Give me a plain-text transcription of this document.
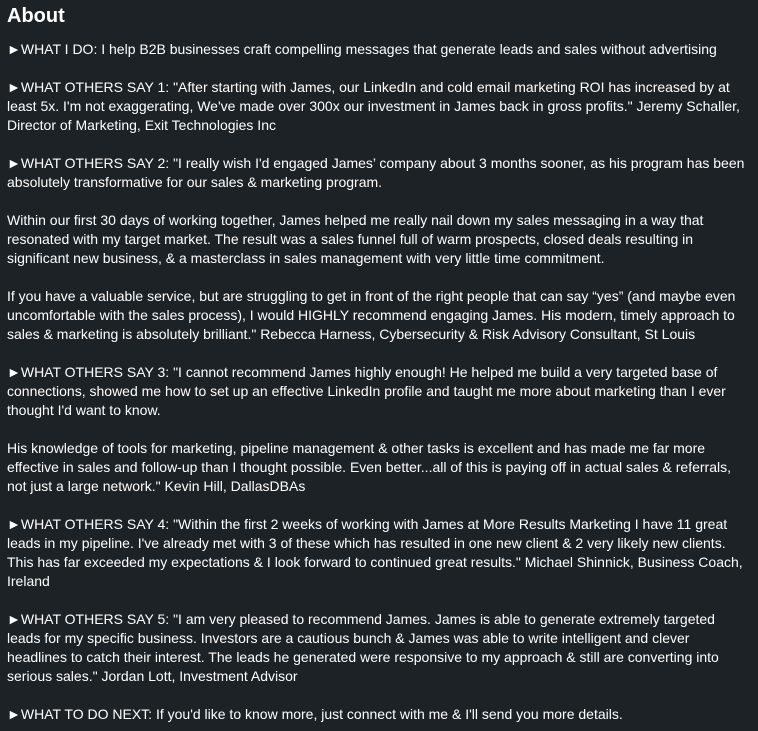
About

►WHAT I DO: I help B2B businesses craft compelling messages that generate leads and sales without advertising

►WHAT OTHERS SAY 1: "After starting with James, our LinkedIn and cold email marketing ROI has increased by at least 5x. I'm not exaggerating, We've made over 300x our investment in James back in gross profits." Jeremy Schaller, Director of Marketing, Exit Technologies Inc

►WHAT OTHERS SAY 2: "I really wish I'd engaged James’ company about 3 months sooner, as his program has been absolutely transformative for our sales & marketing program.

Within our first 30 days of working together, James helped me really nail down my sales messaging in a way that resonated with my target market. The result was a sales funnel full of warm prospects, closed deals resulting in significant new business, & a masterclass in sales management with very little time commitment.

If you have a valuable service, but are struggling to get in front of the right people that can say “yes” (and maybe even uncomfortable with the sales process), I would HIGHLY recommend engaging James. His modern, timely approach to sales & marketing is absolutely brilliant." Rebecca Harness, Cybersecurity & Risk Advisory Consultant, St Louis

►WHAT OTHERS SAY 3: "I cannot recommend James highly enough! He helped me build a very targeted base of connections, showed me how to set up an effective LinkedIn profile and taught me more about marketing than I ever thought I'd want to know.

His knowledge of tools for marketing, pipeline management & other tasks is excellent and has made me far more effective in sales and follow-up than I thought possible. Even better...all of this is paying off in actual sales & referrals, not just a large network." Kevin Hill, DallasDBAs

►WHAT OTHERS SAY 4: "Within the first 2 weeks of working with James at More Results Marketing I have 11 great leads in my pipeline. I've already met with 3 of these which has resulted in one new client & 2 very likely new clients. This has far exceeded my expectations & I look forward to continued great results." Michael Shinnick, Business Coach, Ireland

►WHAT OTHERS SAY 5: "I am very pleased to recommend James. James is able to generate extremely targeted leads for my specific business. Investors are a cautious bunch & James was able to write intelligent and clever headlines to catch their interest. The leads he generated were responsive to my approach & still are converting into serious sales." Jordan Lott, Investment Advisor

►WHAT TO DO NEXT: If you'd like to know more, just connect with me & I'll send you more details.
